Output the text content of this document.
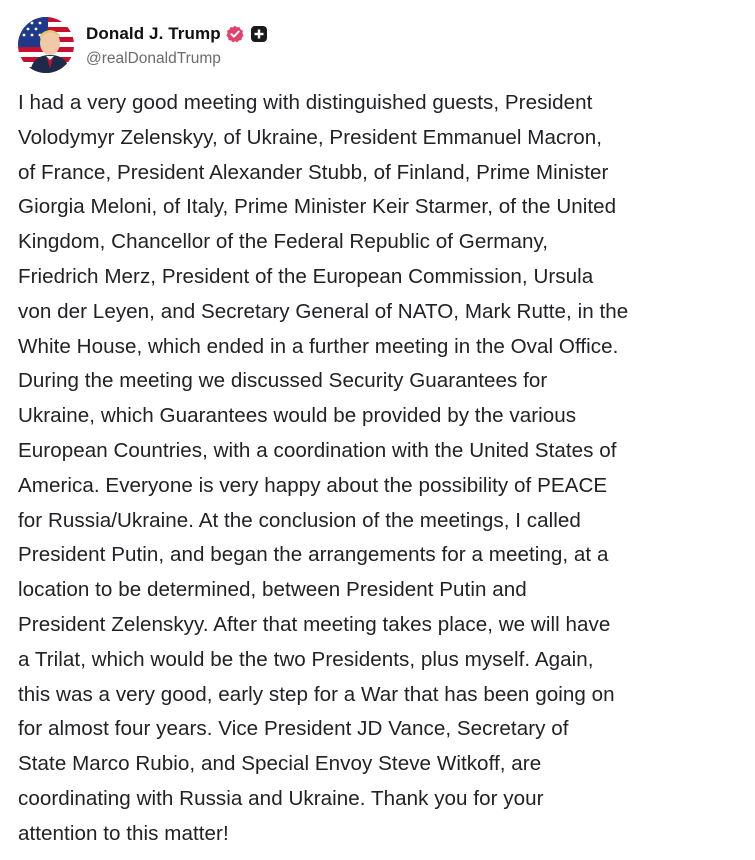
Donald J. Trump
@realDonaldTrump
I had a very good meeting with distinguished guests, President
Volodymyr Zelenskyy, of Ukraine, President Emmanuel Macron,
of France, President Alexander Stubb, of Finland, Prime Minister
Giorgia Meloni, of Italy, Prime Minister Keir Starmer, of the United
Kingdom, Chancellor of the Federal Republic of Germany,
Friedrich Merz, President of the European Commission, Ursula
von der Leyen, and Secretary General of NATO, Mark Rutte, in the
White House, which ended in a further meeting in the Oval Office.
During the meeting we discussed Security Guarantees for
Ukraine, which Guarantees would be provided by the various
European Countries, with a coordination with the United States of
America. Everyone is very happy about the possibility of PEACE
for Russia/Ukraine. At the conclusion of the meetings, I called
President Putin, and began the arrangements for a meeting, at a
location to be determined, between President Putin and
President Zelenskyy. After that meeting takes place, we will have
a Trilat, which would be the two Presidents, plus myself. Again,
this was a very good, early step for a War that has been going on
for almost four years. Vice President JD Vance, Secretary of
State Marco Rubio, and Special Envoy Steve Witkoff, are
coordinating with Russia and Ukraine. Thank you for your
attention to this matter!
